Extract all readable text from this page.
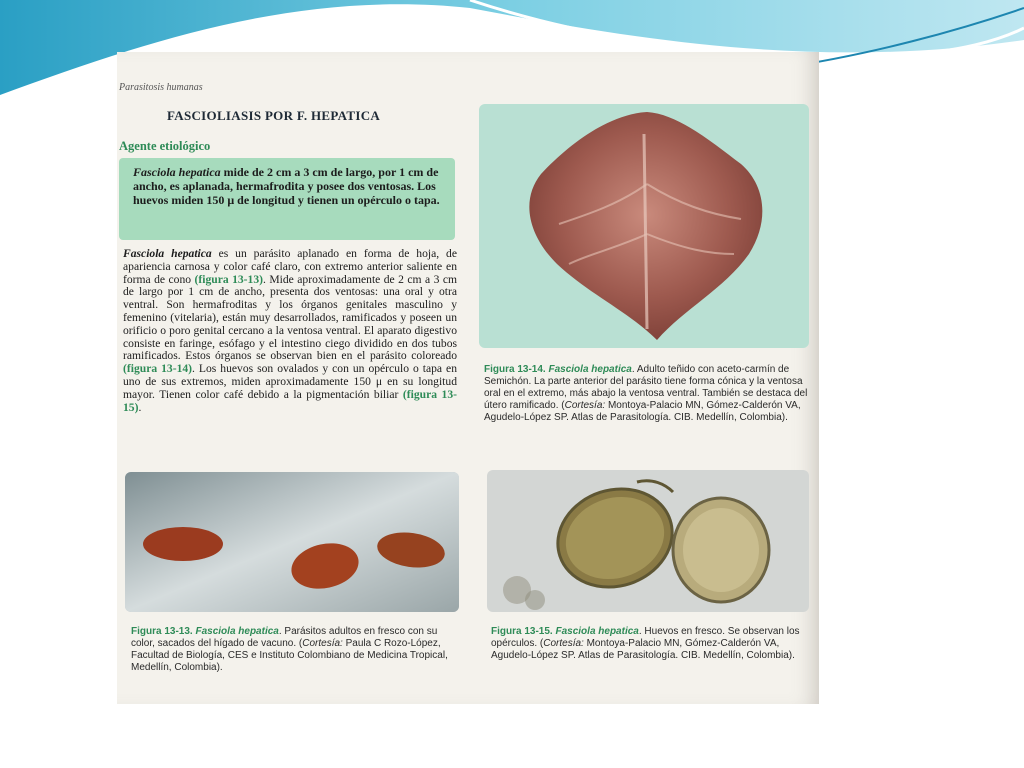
Parasitosis humanas
FASCIOLIASIS POR F. HEPATICA
Agente etiológico

Fasciola hepatica mide de 2 cm a 3 cm de largo, por 1 cm de ancho, es aplanada, hermafrodita y posee dos ventosas. Los huevos miden 150 μ de longitud y tienen un opérculo o tapa.

Fasciola hepatica es un parásito aplanado en forma de hoja, de apariencia carnosa y color café claro, con extremo anterior saliente en forma de cono (figura 13-13). Mide aproximadamente de 2 cm a 3 cm de largo por 1 cm de ancho, presenta dos ventosas: una oral y otra ventral. Son hermafroditas y los órganos genitales masculino y femenino (vitelaria), están muy desarrollados, ramificados y poseen un orificio o poro genital cercano a la ventosa ventral. El aparato digestivo consiste en faringe, esófago y el intestino ciego dividido en dos tubos ramificados. Estos órganos se observan bien en el parásito coloreado (figura 13-14). Los huevos son ovalados y con un opérculo o tapa en uno de sus extremos, miden aproximadamente 150 μ en su longitud mayor. Tienen color café debido a la pigmentación biliar (figura 13-15).

Figura 13-14. Fasciola hepatica. Adulto teñido con aceto-carmín de Semichón. La parte anterior del parásito tiene forma cónica y la ventosa oral en el extremo, más abajo la ventosa ventral. También se destaca del útero ramificado. (Cortesía: Montoya-Palacio MN, Gómez-Calderón VA, Agudelo-López SP. Atlas de Parasitología. CIB. Medellín, Colombia).

Figura 13-13. Fasciola hepatica. Parásitos adultos en fresco con su color, sacados del hígado de vacuno. (Cortesía: Paula C Rozo-López, Facultad de Biología, CES e Instituto Colombiano de Medicina Tropical, Medellín, Colombia).

Figura 13-15. Fasciola hepatica. Huevos en fresco. Se observan los opérculos. (Cortesía: Montoya-Palacio MN, Gómez-Calderón VA, Agudelo-López SP. Atlas de Parasitología. CIB. Medellín, Colombia).
